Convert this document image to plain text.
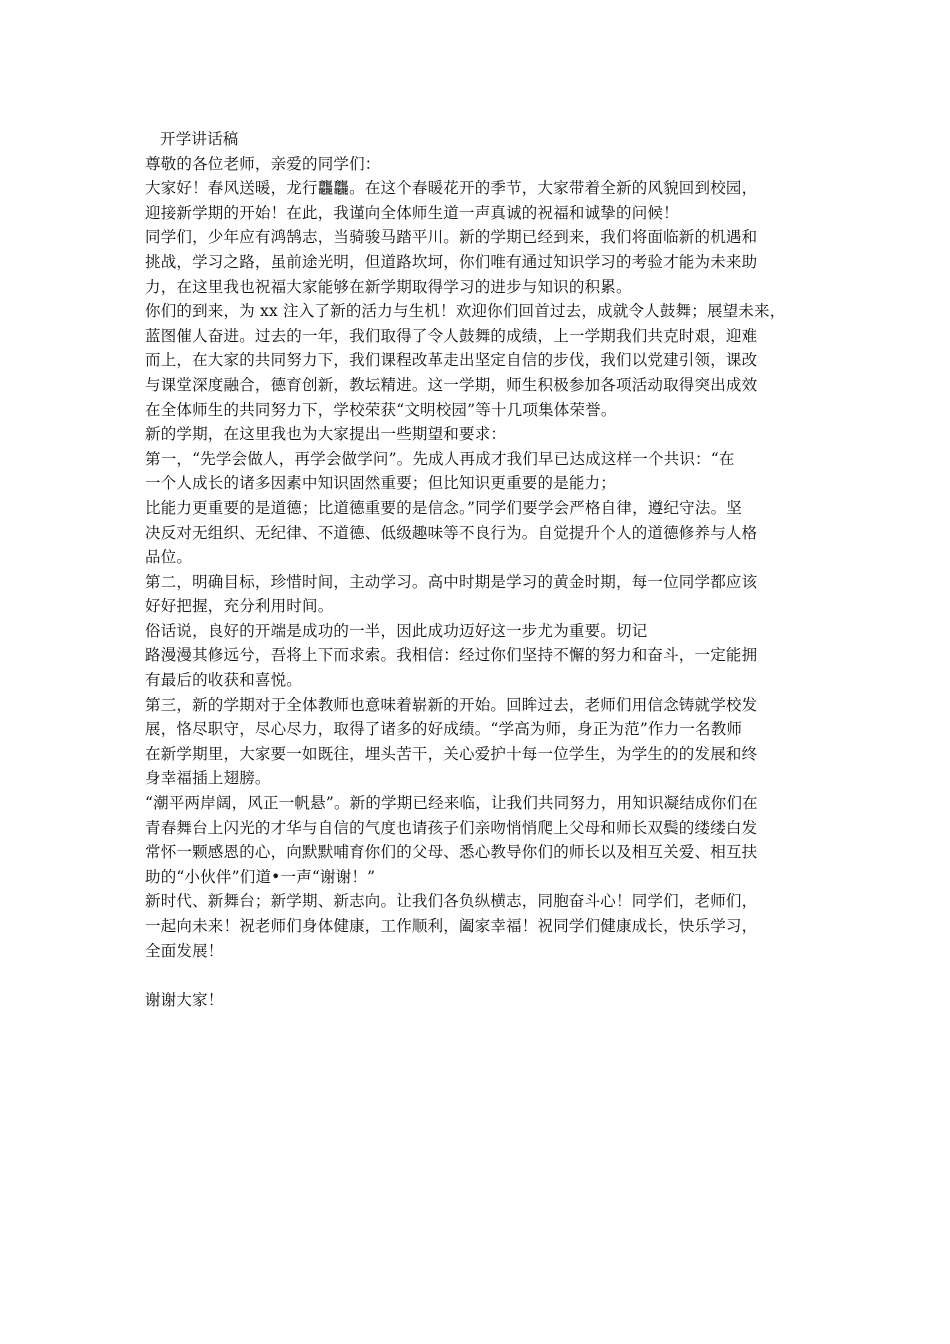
开学讲话稿
尊敬的各位老师，亲爱的同学们：
大家好！春风送暖，龙行龘龘。在这个春暖花开的季节，大家带着全新的风貌回到校园，
迎接新学期的开始！在此，我谨向全体师生道一声真诚的祝福和诚挚的问候！
同学们，少年应有鸿鹄志，当骑骏马踏平川。新的学期已经到来，我们将面临新的机遇和
挑战，学习之路，虽前途光明，但道路坎坷，你们唯有通过知识学习的考验才能为未来助
力，在这里我也祝福大家能够在新学期取得学习的进步与知识的积累。
你们的到来，为 xx 注入了新的活力与生机！欢迎你们回首过去，成就令人鼓舞；展望未来，
蓝图催人奋进。过去的一年，我们取得了令人鼓舞的成绩，上一学期我们共克时艰，迎难
而上，在大家的共同努力下，我们课程改革走出坚定自信的步伐，我们以党建引领，课改
与课堂深度融合，德育创新，教坛精进。这一学期，师生积极参加各项活动取得突出成效
在全体师生的共同努力下，学校荣获“文明校园”等十几项集体荣誉。
新的学期，在这里我也为大家提出一些期望和要求：
第一，“先学会做人，再学会做学问”。先成人再成才我们早已达成这样一个共识：“在
一个人成长的诸多因素中知识固然重要；但比知识更重要的是能力；
比能力更重要的是道德；比道德重要的是信念。”同学们要学会严格自律，遵纪守法。坚
决反对无组织、无纪律、不道德、低级趣味等不良行为。自觉提升个人的道德修养与人格
品位。
第二，明确目标，珍惜时间，主动学习。高中时期是学习的黄金时期，每一位同学都应该
好好把握，充分利用时间。
俗话说，良好的开端是成功的一半，因此成功迈好这一步尤为重要。切记
路漫漫其修远兮，吾将上下而求索。我相信：经过你们坚持不懈的努力和奋斗，一定能拥
有最后的收获和喜悦。
第三，新的学期对于全体教师也意味着崭新的开始。回眸过去，老师们用信念铸就学校发
展，恪尽职守，尽心尽力，取得了诸多的好成绩。“学高为师，身正为范”作力一名教师
在新学期里，大家要一如既往，埋头苦干，关心爱护十每一位学生，为学生的的发展和终
身幸福插上翅膀。
“潮平两岸阔，风正一帆悬”。新的学期已经来临，让我们共同努力，用知识凝结成你们在
青春舞台上闪光的才华与自信的气度也请孩子们亲吻悄悄爬上父母和师长双鬓的缕缕白发
常怀一颗感恩的心，向默默哺育你们的父母、悉心教导你们的师长以及相互关爱、相互扶
助的“小伙伴”们道•一声“谢谢！”
新时代、新舞台；新学期、新志向。让我们各负纵横志，同胞奋斗心！同学们，老师们，
一起向未来！祝老师们身体健康，工作顺利，阖家幸福！祝同学们健康成长，快乐学习，
全面发展！
谢谢大家！
